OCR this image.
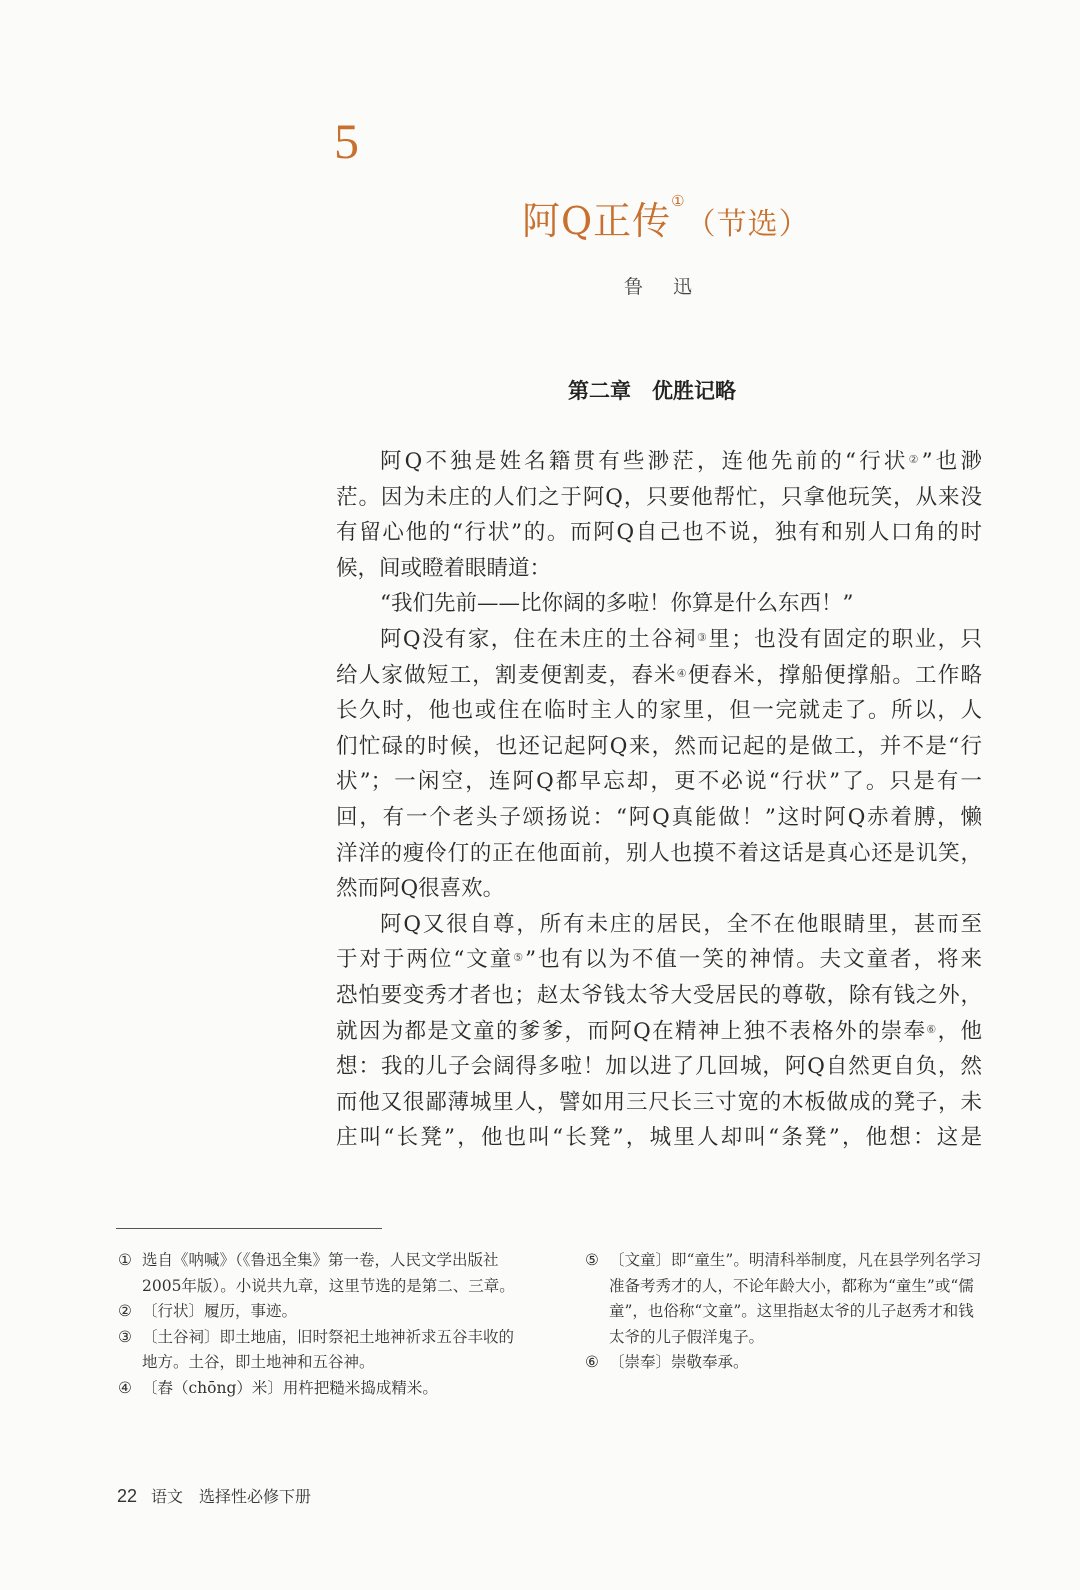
5
阿Q正传①（节选）
鲁迅
第二章　优胜记略
阿Q不独是姓名籍贯有些渺茫，连他先前的“行状②”也渺
茫。因为未庄的人们之于阿Q，只要他帮忙，只拿他玩笑，从来没
有留心他的“行状”的。而阿Q自己也不说，独有和别人口角的时
候，间或瞪着眼睛道：
“我们先前——比你阔的多啦！你算是什么东西！”
阿Q没有家，住在未庄的土谷祠③里；也没有固定的职业，只
给人家做短工，割麦便割麦，舂米④便舂米，撑船便撑船。工作略
长久时，他也或住在临时主人的家里，但一完就走了。所以，人
们忙碌的时候，也还记起阿Q来，然而记起的是做工，并不是“行
状”；一闲空，连阿Q都早忘却，更不必说“行状”了。只是有一
回，有一个老头子颂扬说：“阿Q真能做！”这时阿Q赤着膊，懒
洋洋的瘦伶仃的正在他面前，别人也摸不着这话是真心还是讥笑，
然而阿Q很喜欢。
阿Q又很自尊，所有未庄的居民，全不在他眼睛里，甚而至
于对于两位“文童⑤”也有以为不值一笑的神情。夫文童者，将来
恐怕要变秀才者也；赵太爷钱太爷大受居民的尊敬，除有钱之外，
就因为都是文童的爹爹，而阿Q在精神上独不表格外的崇奉⑥，他
想：我的儿子会阔得多啦！加以进了几回城，阿Q自然更自负，然
而他又很鄙薄城里人，譬如用三尺长三寸宽的木板做成的凳子，未
庄叫“长凳”，他也叫“长凳”，城里人却叫“条凳”，他想：这是
① 选自《呐喊》（《鲁迅全集》第一卷，人民文学出版社2005年版）。小说共九章，这里节选的是第二、三章。
② 〔行状〕履历，事迹。
③ 〔土谷祠〕即土地庙，旧时祭祀土地神祈求五谷丰收的地方。土谷，即土地神和五谷神。
④ 〔舂（chōng）米〕用杵把糙米捣成精米。
⑤ 〔文童〕即“童生”。明清科举制度，凡在县学列名学习准备考秀才的人，不论年龄大小，都称为“童生”或“儒童”，也俗称“文童”。这里指赵太爷的儿子赵秀才和钱太爷的儿子假洋鬼子。
⑥ 〔崇奉〕崇敬奉承。
22 语文　选择性必修下册
